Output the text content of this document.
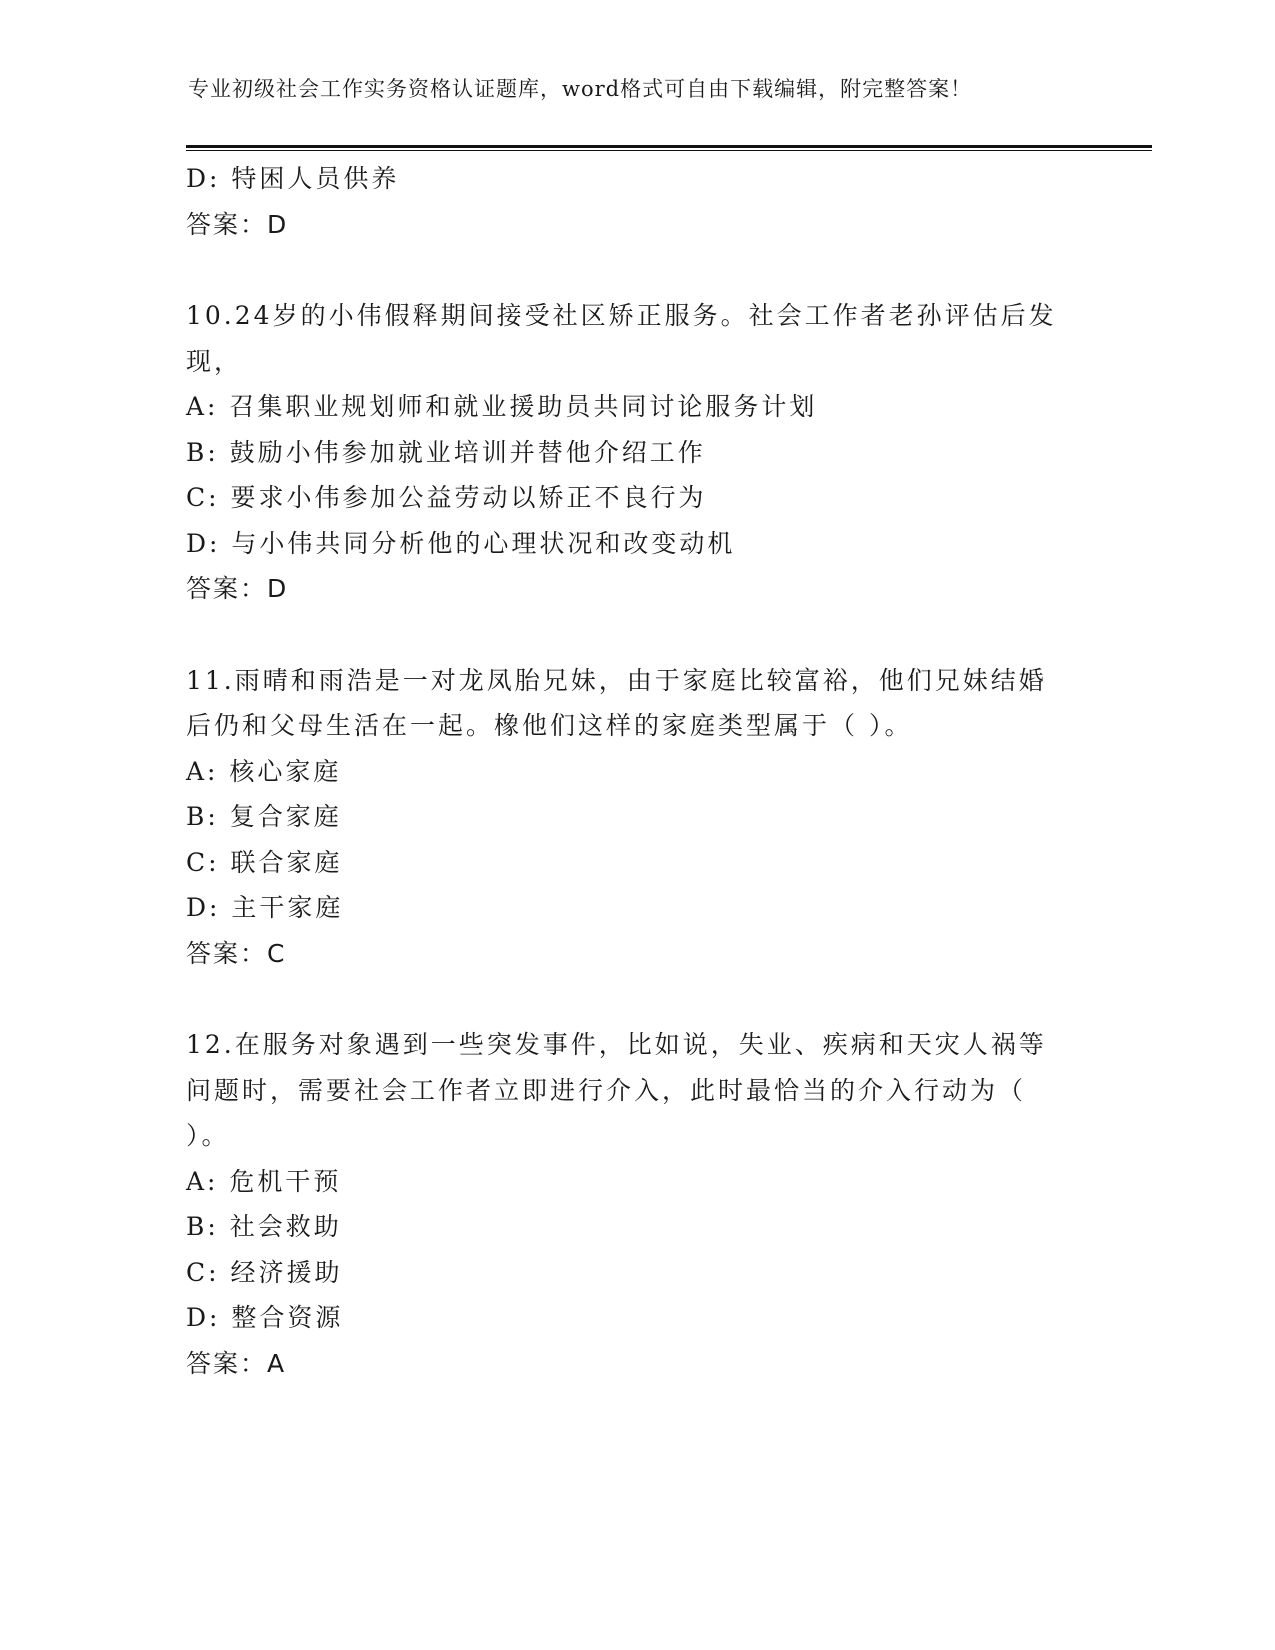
专业初级社会工作实务资格认证题库，word格式可自由下载编辑，附完整答案！
D: 特困人员供养
答案：D
10.24岁的小伟假释期间接受社区矫正服务。社会工作者老孙评估后发
现，
A: 召集职业规划师和就业援助员共同讨论服务计划
B: 鼓励小伟参加就业培训并替他介绍工作
C: 要求小伟参加公益劳动以矫正不良行为
D: 与小伟共同分析他的心理状况和改变动机
答案：D
11.雨晴和雨浩是一对龙凤胎兄妹，由于家庭比较富裕，他们兄妹结婚
后仍和父母生活在一起。橡他们这样的家庭类型属于（ ）。
A: 核心家庭
B: 复合家庭
C: 联合家庭
D: 主干家庭
答案：C
12.在服务对象遇到一些突发事件，比如说，失业、疾病和天灾人祸等
问题时，需要社会工作者立即进行介入，此时最恰当的介入行动为（
）。
A: 危机干预
B: 社会救助
C: 经济援助
D: 整合资源
答案：A
